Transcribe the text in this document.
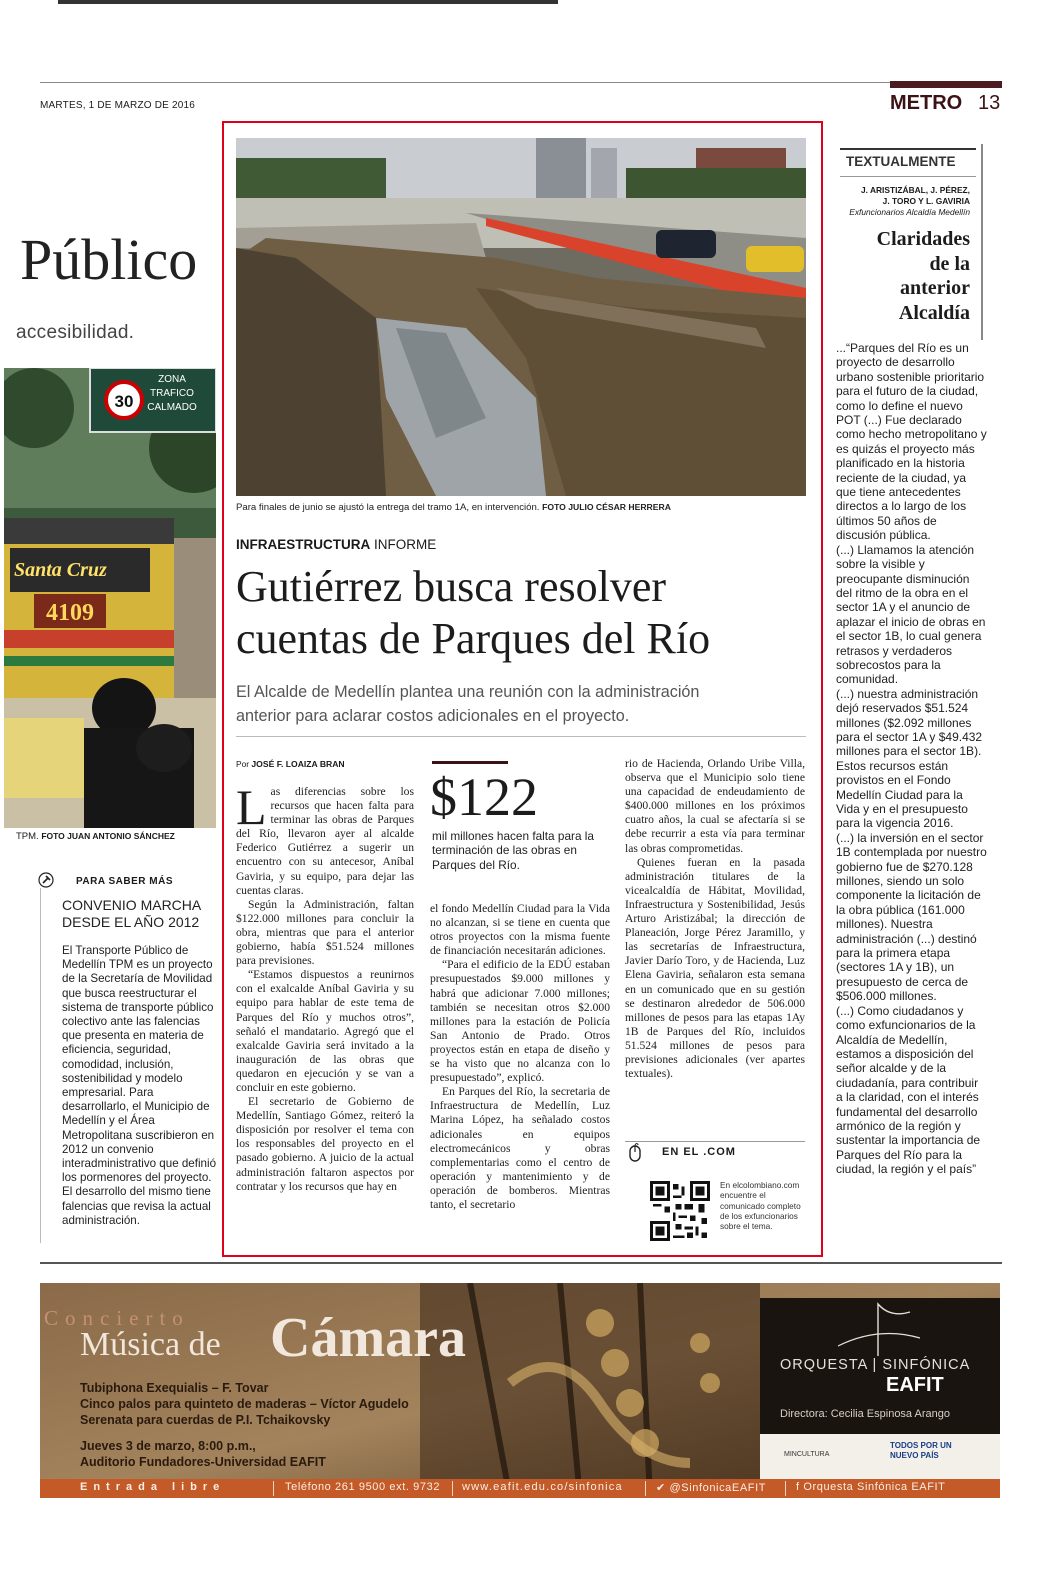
MARTES, 1 DE MARZO DE 2016	METRO 13
Público
accesibilidad.
30
ZONA
TRAFICO
CALMADO
Santa Cruz
4109
TPM. FOTO JUAN ANTONIO SÁNCHEZ
PARA SABER MÁS
CONVENIO MARCHA
DESDE EL AÑO 2012
El Transporte Público de Medellín TPM es un proyecto de la Secretaría de Movilidad que busca reestructurar el sistema de transporte público colectivo ante las falencias que presenta en materia de eficiencia, seguridad, comodidad, inclusión, sostenibilidad y modelo empresarial. Para desarrollarlo, el Municipio de Medellín y el Área Metropolitana suscribieron en 2012 un convenio interadministrativo que definió los pormenores del proyecto. El desarrollo del mismo tiene falencias que revisa la actual administración.
Para finales de junio se ajustó la entrega del tramo 1A, en intervención. FOTO JULIO CÉSAR HERRERA
INFRAESTRUCTURA INFORME
Gutiérrez busca resolver
cuentas de Parques del Río
El Alcalde de Medellín plantea una reunión con la administración
anterior para aclarar costos adicionales en el proyecto.
Por JOSÉ F. LOAIZA BRAN
L as diferencias sobre los recursos que hacen falta para terminar las obras de Parques del Río, llevaron ayer al alcalde Federico Gutiérrez a sugerir un encuentro con su antecesor, Aníbal Gaviria, y su equipo, para dejar las cuentas claras.

Según la Administración, faltan $122.000 millones para concluir la obra, mientras que para el anterior gobierno, había $51.524 millones para previsiones.

“Estamos dispuestos a reunirnos con el exalcalde Aníbal Gaviria y su equipo para hablar de este tema de Parques del Río y muchos otros”, señaló el mandatario. Agregó que el exalcalde Gaviria será invitado a la inauguración de las obras que quedaron en ejecución y se van a concluir en este gobierno.

El secretario de Gobierno de Medellín, Santiago Gómez, reiteró la disposición por resolver el tema con los responsables del proyecto en el pasado gobierno. A juicio de la actual administración faltaron aspectos por contratar y los recursos que hay en

$122
mil millones hacen falta para la terminación de las obras en Parques del Río.

el fondo Medellín Ciudad para la Vida no alcanzan, si se tiene en cuenta que otros proyectos con la misma fuente de financiación necesitarán adiciones.

“Para el edificio de la EDÚ estaban presupuestados $9.000 millones y habrá que adicionar 7.000 millones; también se necesitan otros $2.000 millones para la estación de Policía San Antonio de Prado. Otros proyectos están en etapa de diseño y se ha visto que no alcanza con lo presupuestado”, explicó.

En Parques del Río, la secretaria de Infraestructura de Medellín, Luz Marina López, ha señalado costos adicionales en equipos electromecánicos y obras complementarias como el centro de operación y mantenimiento y de operación de bomberos. Mientras tanto, el secretario

rio de Hacienda, Orlando Uribe Villa, observa que el Municipio solo tiene una capacidad de endeudamiento de $400.000 millones en los próximos cuatro años, la cual se afectaría si se debe recurrir a esta vía para terminar las obras comprometidas.

Quienes fueran en la pasada administración titulares de la vicealcaldía de Hábitat, Movilidad, Infraestructura y Sostenibilidad, Jesús Arturo Aristizábal; la dirección de Planeación, Jorge Pérez Jaramillo, y las secretarías de Infraestructura, Javier Darío Toro, y de Hacienda, Luz Elena Gaviria, señalaron esta semana en un comunicado que en su gestión se destinaron alrededor de 506.000 millones de pesos para las etapas 1Ay 1B de Parques del Río, incluidos 51.524 millones de pesos para previsiones adicionales (ver apartes textuales).

EN EL .COM
En elcolombiano.com encuentre el comunicado completo de los exfuncionarios sobre el tema.
TEXTUALMENTE
J. ARISTIZÁBAL, J. PÉREZ,
J. TORO Y L. GAVIRIA
Exfuncionarios Alcaldía Medellín
Claridades
de la
anterior
Alcaldía
...“Parques del Río es un proyecto de desarrollo urbano sostenible prioritario para el futuro de la ciudad, como lo define el nuevo POT (...) Fue declarado como hecho metropolitano y es quizás el proyecto más planificado en la historia reciente de la ciudad, ya que tiene antecedentes directos a lo largo de los últimos 50 años de discusión pública.
(...) Llamamos la atención sobre la visible y preocupante disminución del ritmo de la obra en el sector 1A y el anuncio de aplazar el inicio de obras en el sector 1B, lo cual genera retrasos y verdaderos sobrecostos para la comunidad.
(...) nuestra administración dejó reservados $51.524 millones ($2.092 millones para el sector 1A y $49.432 millones para el sector 1B). Estos recursos están provistos en el Fondo Medellín Ciudad para la Vida y en el presupuesto para la vigencia 2016.
(...) la inversión en el sector 1B contemplada por nuestro gobierno fue de $270.128 millones, siendo un solo componente la licitación de la obra pública (161.000 millones). Nuestra administración (...) destinó para la primera etapa (sectores 1A y 1B), un presupuesto de cerca de $506.000 millones.
(...) Como ciudadanos y como exfuncionarios de la Alcaldía de Medellín, estamos a disposición del señor alcalde y de la ciudadanía, para contribuir a la claridad, con el interés fundamental del desarrollo armónico de la región y sustentar la importancia de Parques del Río para la ciudad, la región y el país”
Concierto
Música de Cámara
Tubiphona Exequialis – F. Tovar
Cinco palos para quinteto de maderas – Víctor Agudelo
Serenata para cuerdas de P.I. Tchaikovsky
Jueves 3 de marzo, 8:00 p.m.,
Auditorio Fundadores-Universidad EAFIT
ORQUESTA | SINFÓNICA
EAFIT
Directora: Cecilia Espinosa Arango
MINCULTURA
TODOS POR UN
NUEVO PAÍS
Entrada libre	Teléfono 261 9500 ext. 9732 www.eafit.edu.co/sinfonica	✔ @SinfonicaEAFIT	f Orquesta Sinfónica EAFIT
